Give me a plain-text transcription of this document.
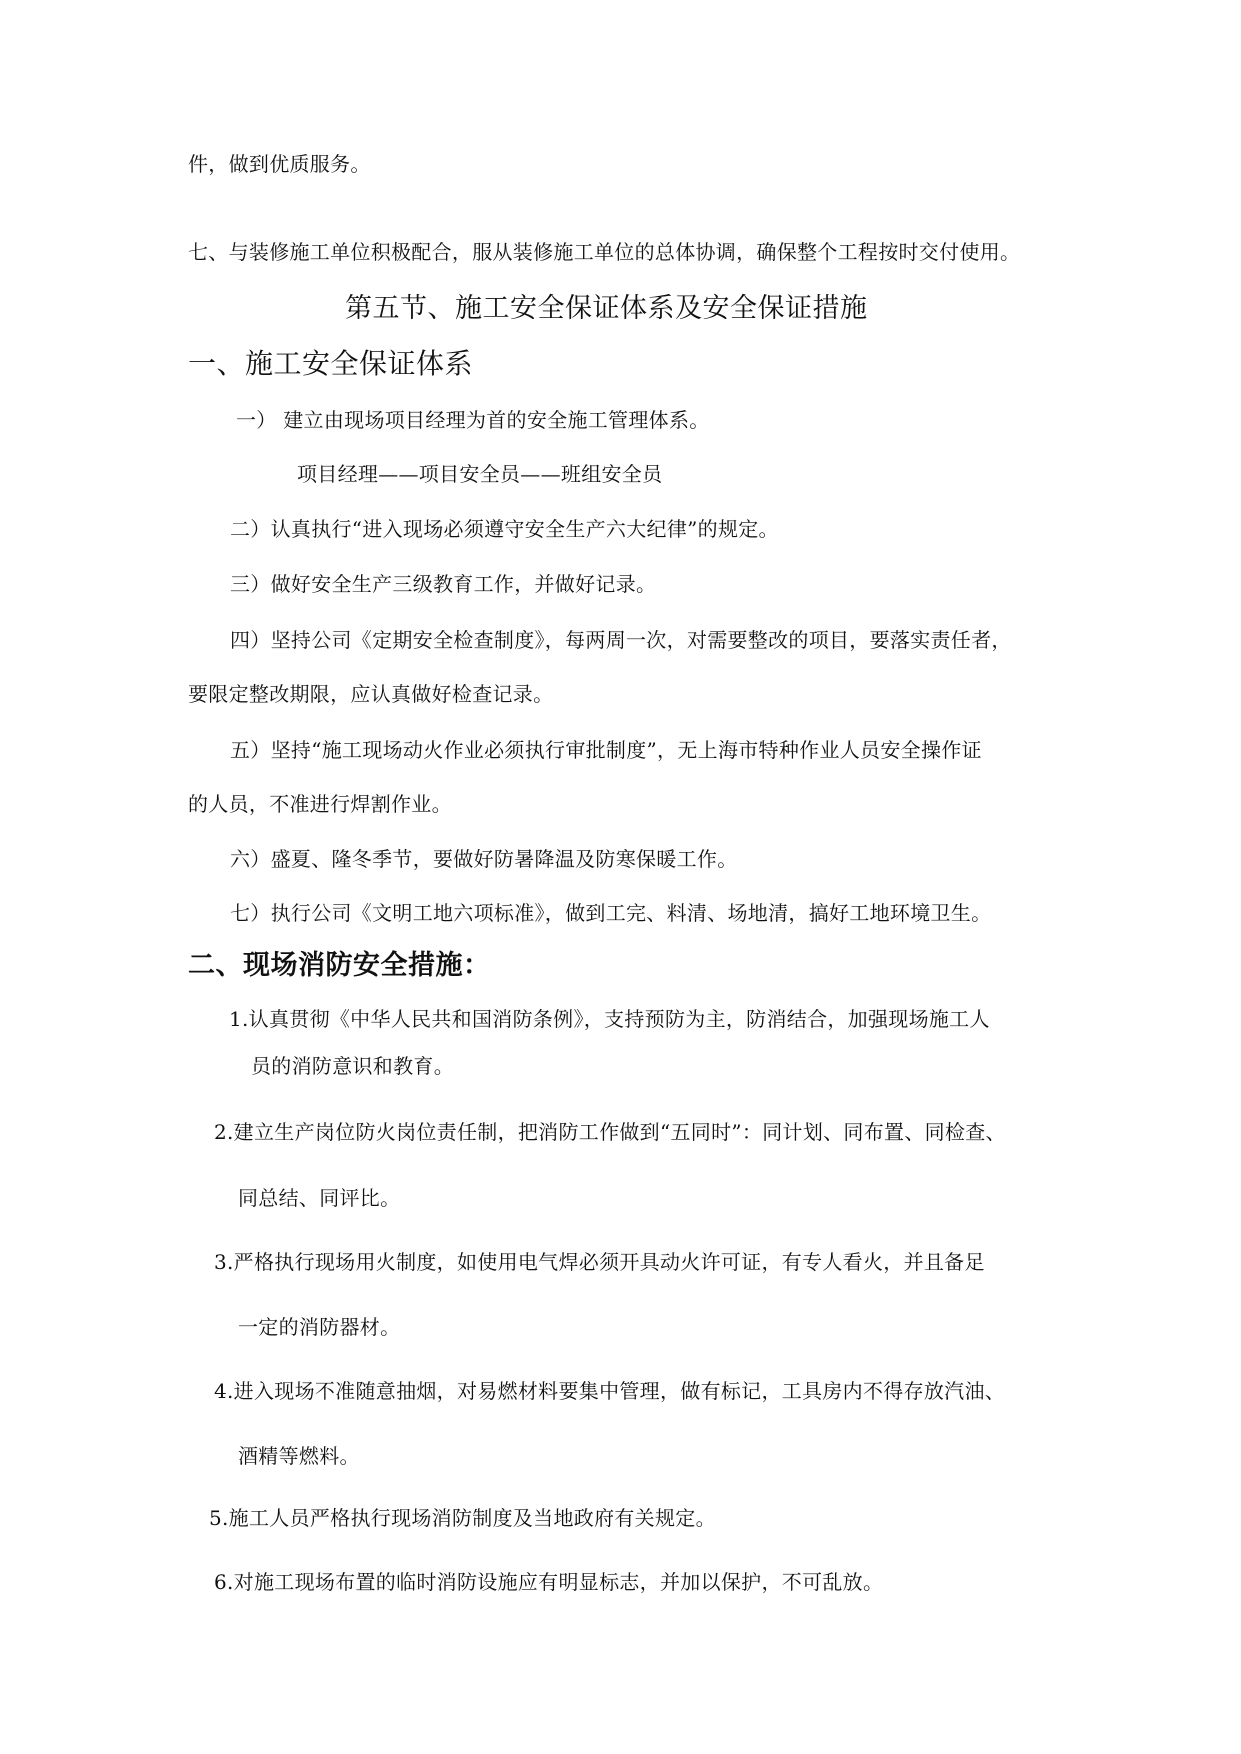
件，做到优质服务。
七、与装修施工单位积极配合，服从装修施工单位的总体协调，确保整个工程按时交付使用。
第五节、施工安全保证体系及安全保证措施
一、施工安全保证体系
一） 建立由现场项目经理为首的安全施工管理体系。
项目经理——项目安全员——班组安全员
二）认真执行“进入现场必须遵守安全生产六大纪律”的规定。
三）做好安全生产三级教育工作，并做好记录。
四）坚持公司《定期安全检查制度》，每两周一次，对需要整改的项目，要落实责任者，
要限定整改期限，应认真做好检查记录。
五）坚持“施工现场动火作业必须执行审批制度”，无上海市特种作业人员安全操作证
的人员，不准进行焊割作业。
六）盛夏、隆冬季节，要做好防暑降温及防寒保暖工作。
七）执行公司《文明工地六项标准》，做到工完、料清、场地清，搞好工地环境卫生。
二、现场消防安全措施：
1.认真贯彻《中华人民共和国消防条例》，支持预防为主，防消结合，加强现场施工人
员的消防意识和教育。
2.建立生产岗位防火岗位责任制，把消防工作做到“五同时”：同计划、同布置、同检查、
同总结、同评比。
3.严格执行现场用火制度，如使用电气焊必须开具动火许可证，有专人看火，并且备足
一定的消防器材。
4.进入现场不准随意抽烟，对易燃材料要集中管理，做有标记，工具房内不得存放汽油、
酒精等燃料。
5.施工人员严格执行现场消防制度及当地政府有关规定。
6.对施工现场布置的临时消防设施应有明显标志，并加以保护，不可乱放。
